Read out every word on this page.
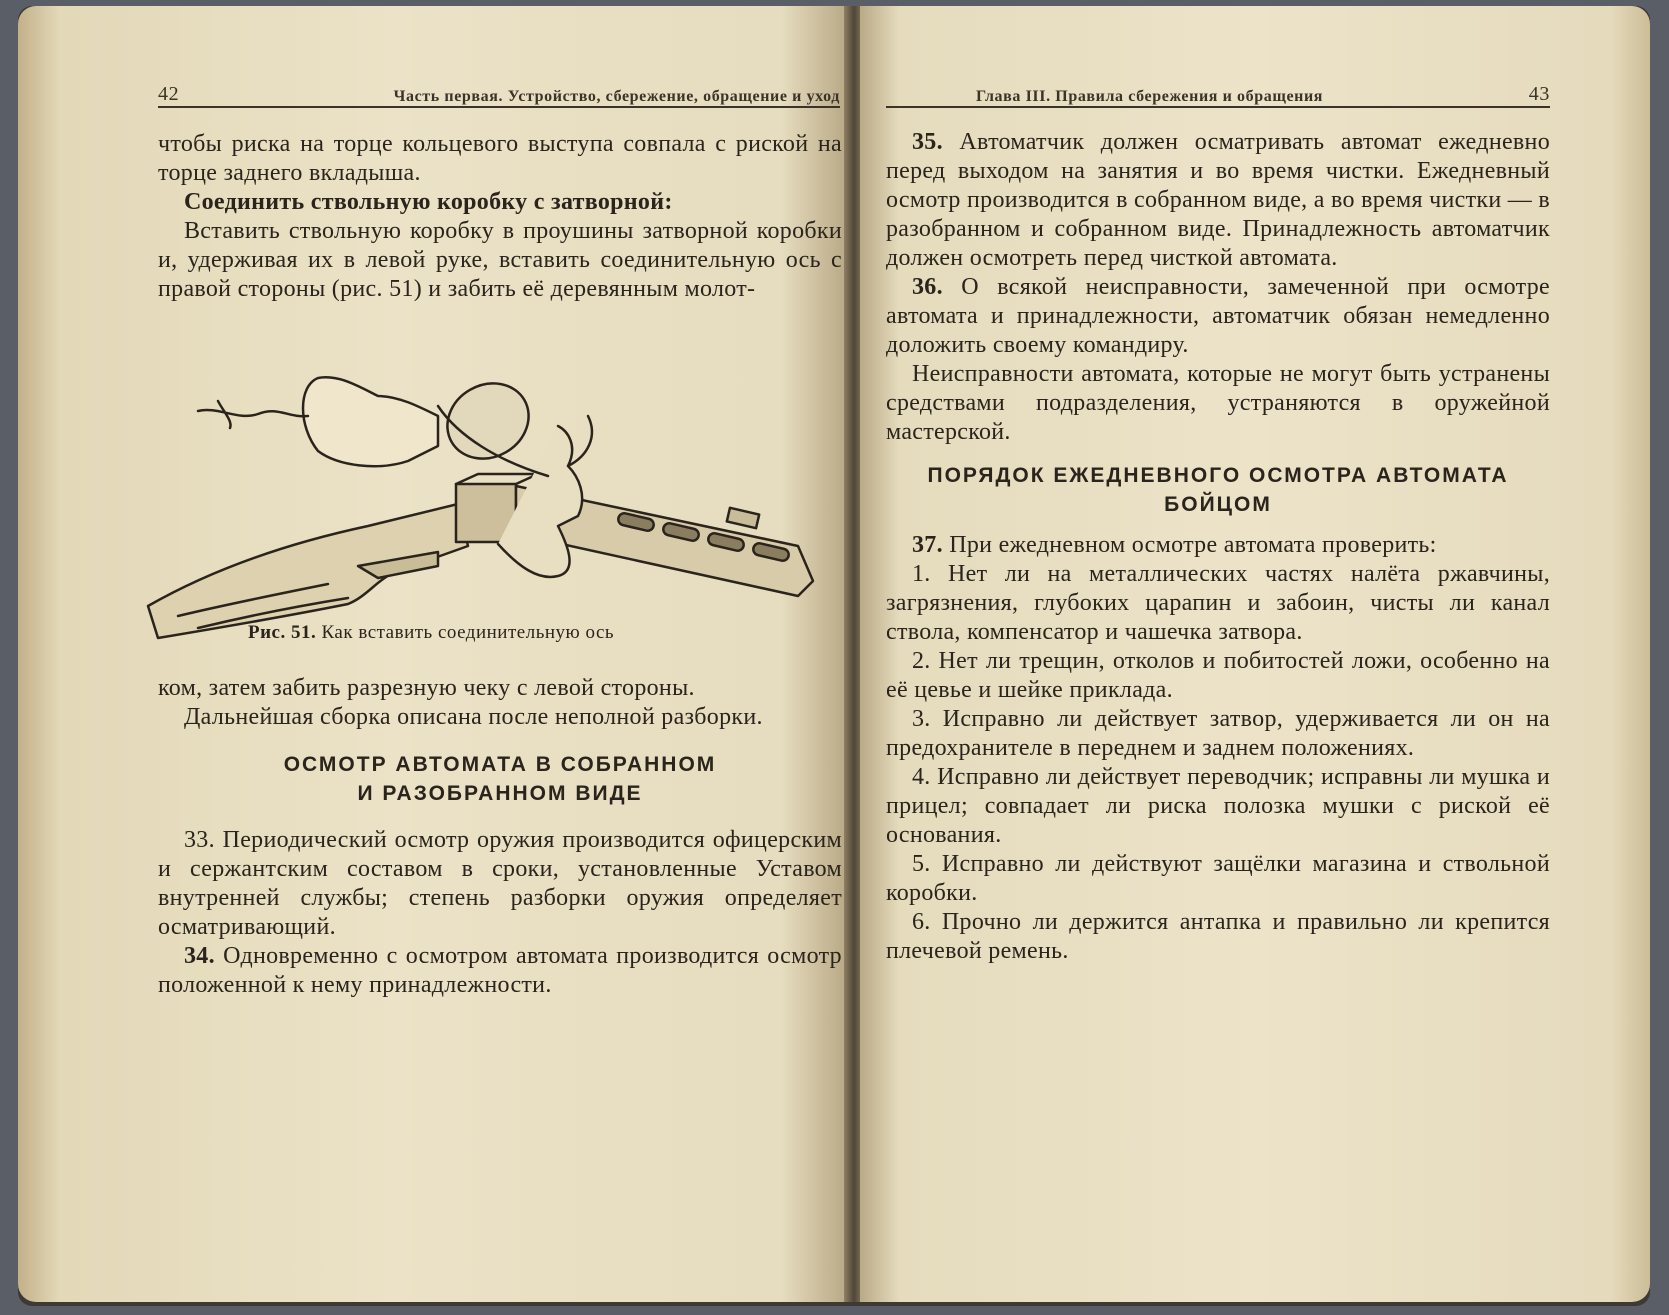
42	Часть первая. Устройство, сбережение, обращение и уход

чтобы риска на торце кольцевого выступа совпала с риской на торце заднего вкладыша.

Соединить ствольную коробку с затворной:

Вставить ствольную коробку в проушины затворной коробки и, удерживая их в левой руке, вставить соединительную ось с правой стороны (рис. 51) и забить её деревянным молот-

Рис. 51. Как вставить соединительную ось

ком, затем забить разрезную чеку с левой стороны.

Дальнейшая сборка описана после неполной разборки.

ОСМОТР АВТОМАТА В СОБРАННОМ
И РАЗОБРАННОМ ВИДЕ

33. Периодический осмотр оружия производится офицерским и сержантским составом в сроки, установленные Уставом внутренней службы; степень разборки оружия определяет осматривающий.

34. Одновременно с осмотром автомата производится осмотр положенной к нему принадлежности.

Глава III. Правила сбережения и обращения	43

35. Автоматчик должен осматривать автомат ежедневно перед выходом на занятия и во время чистки. Ежедневный осмотр производится в собранном виде, а во время чистки — в разобранном и собранном виде. Принадлежность автоматчик должен осмотреть перед чисткой автомата.

36. О всякой неисправности, замеченной при осмотре автомата и принадлежности, автоматчик обязан немедленно доложить своему командиру.

Неисправности автомата, которые не могут быть устранены средствами подразделения, устраняются в оружейной мастерской.

ПОРЯДОК ЕЖЕДНЕВНОГО ОСМОТРА АВТОМАТА
БОЙЦОМ

37. При ежедневном осмотре автомата проверить:

1. Нет ли на металлических частях налёта ржавчины, загрязнения, глубоких царапин и забоин, чисты ли канал ствола, компенсатор и чашечка затвора.

2. Нет ли трещин, отколов и побитостей ложи, особенно на её цевье и шейке приклада.

3. Исправно ли действует затвор, удерживается ли он на предохранителе в переднем и заднем положениях.

4. Исправно ли действует переводчик; исправны ли мушка и прицел; совпадает ли риска полозка мушки с риской её основания.

5. Исправно ли действуют защёлки магазина и ствольной коробки.

6. Прочно ли держится антапка и правильно ли крепится плечевой ремень.
